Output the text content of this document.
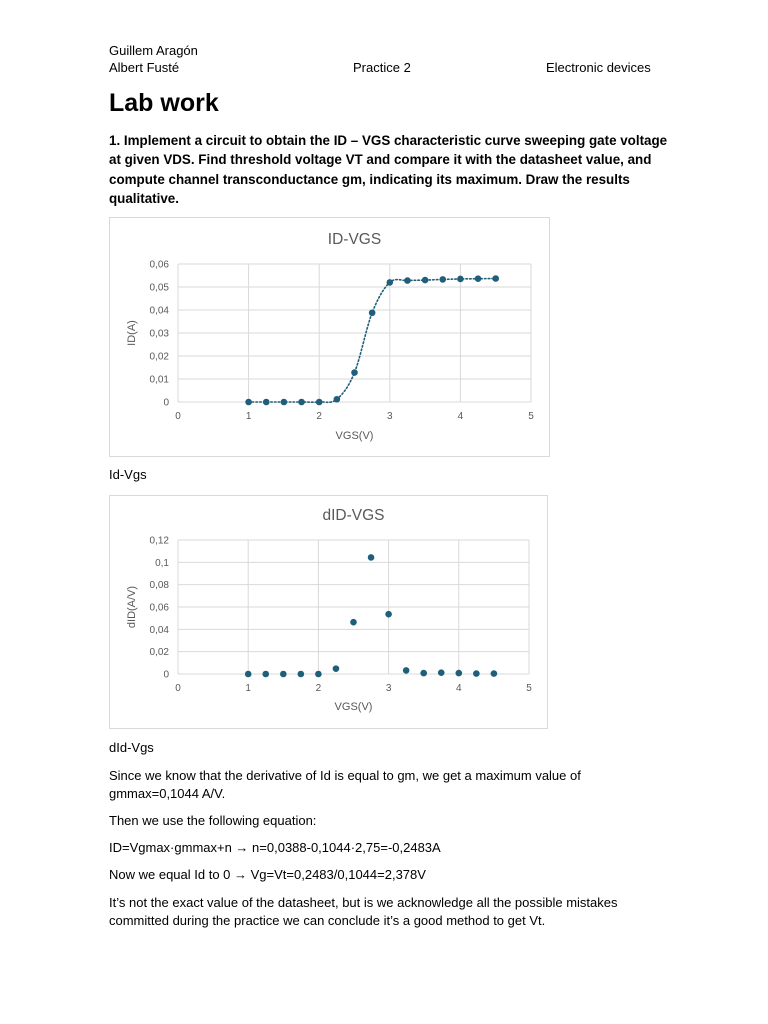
Guillem Aragón
Albert Fusté	Practice 2	Electronic devices
Lab work
1. Implement a circuit to obtain the ID – VGS characteristic curve sweeping gate voltage at given VDS. Find threshold voltage VT and compare it with the datasheet value, and compute channel transconductance gm, indicating its maximum. Draw the results qualitative.
ID-VGS
0
0,01
0,02
0,03
0,04
0,05
0,06
0	1	2	3	4	5
VGS(V)
ID(A)
Id-Vgs
dID-VGS
0
0,02
0,04
0,06
0,08
0,1
0,12
0	1	2	3	4	5
VGS(V)
dID(A/V)
dId-Vgs
Since we know that the derivative of Id is equal to gm, we get a maximum value of gmmax=0,1044 A/V.
Then we use the following equation:
ID=Vgmax·gmmax+n → n=0,0388-0,1044·2,75=-0,2483A
Now we equal Id to 0 → Vg=Vt=0,2483/0,1044=2,378V
It’s not the exact value of the datasheet, but is we acknowledge all the possible mistakes committed during the practice we can conclude it’s a good method to get Vt.
